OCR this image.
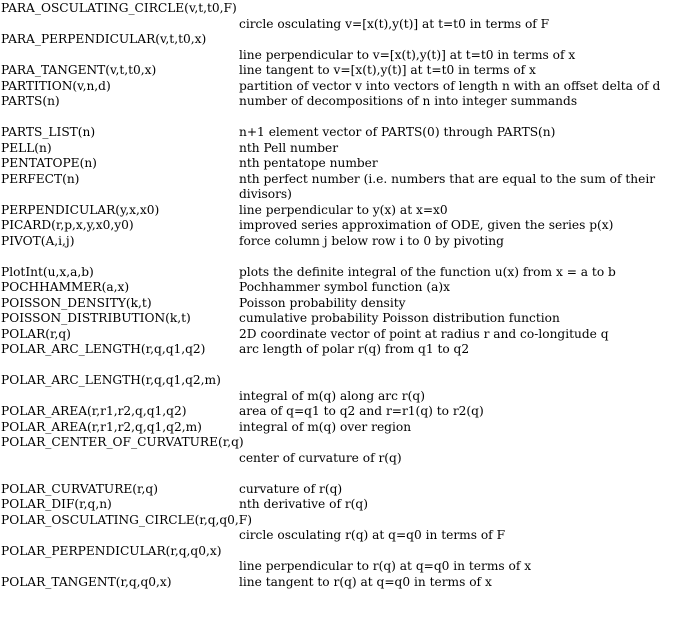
PARA_OSCULATING_CIRCLE(v,t,t0,F)
circle osculating v=[x(t),y(t)] at t=t0 in terms of F
PARA_PERPENDICULAR(v,t,t0,x)
line perpendicular to v=[x(t),y(t)] at t=t0 in terms of x
PARA_TANGENT(v,t,t0,x)	line tangent to v=[x(t),y(t)] at t=t0 in terms of x
PARTITION(v,n,d)	partition of vector v into vectors of length n with an offset delta of d
PARTS(n)	number of decompositions of n into integer summands
PARTS_LIST(n)	n+1 element vector of PARTS(0) through PARTS(n)
PELL(n)	nth Pell number
PENTATOPE(n)	nth pentatope number
PERFECT(n)	nth perfect number (i.e. numbers that are equal to the sum of their divisors)
PERPENDICULAR(y,x,x0)	line perpendicular to y(x) at x=x0
PICARD(r,p,x,y,x0,y0)	improved series approximation of ODE, given the series p(x)
PIVOT(A,i,j)	force column j below row i to 0 by pivoting
PlotInt(u,x,a,b)	plots the definite integral of the function u(x) from x = a to b
POCHHAMMER(a,x)	Pochhammer symbol function (a)x
POISSON_DENSITY(k,t)	Poisson probability density
POISSON_DISTRIBUTION(k,t)	cumulative probability Poisson distribution function
POLAR(r,q)	2D coordinate vector of point at radius r and co-longitude q
POLAR_ARC_LENGTH(r,q,q1,q2)	arc length of polar r(q) from q1 to q2
POLAR_ARC_LENGTH(r,q,q1,q2,m)
integral of m(q) along arc r(q)
POLAR_AREA(r,r1,r2,q,q1,q2)	area of q=q1 to q2 and r=r1(q) to r2(q)
POLAR_AREA(r,r1,r2,q,q1,q2,m)	integral of m(q) over region
POLAR_CENTER_OF_CURVATURE(r,q)
center of curvature of r(q)
POLAR_CURVATURE(r,q)	curvature of r(q)
POLAR_DIF(r,q,n)	nth derivative of r(q)
POLAR_OSCULATING_CIRCLE(r,q,q0,F)
circle osculating r(q) at q=q0 in terms of F
POLAR_PERPENDICULAR(r,q,q0,x)
line perpendicular to r(q) at q=q0 in terms of x
POLAR_TANGENT(r,q,q0,x)	line tangent to r(q) at q=q0 in terms of x
